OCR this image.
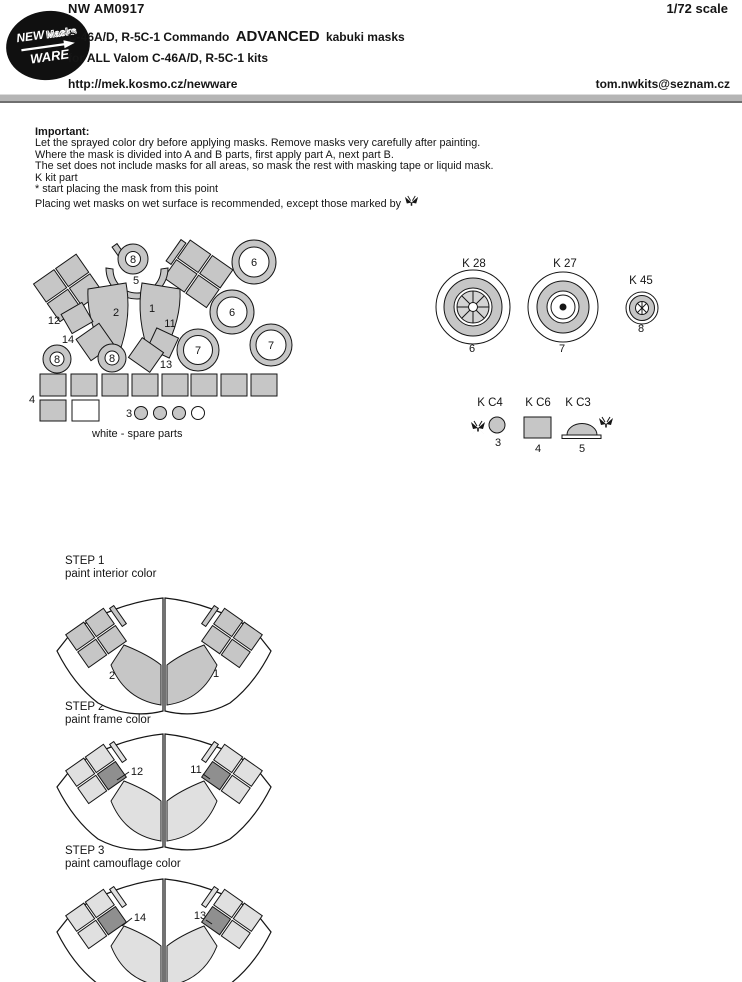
NEWMasks
WARE
NW AM0917	1/72 scale
C-46A/D, R-5C-1 Commando ADVANCED kabuki masks
for ALL Valom C-46A/D, R-5C-1 kits
http://mek.kosmo.cz/newware	tom.nwkits@seznam.cz
Important:
Let the sprayed color dry before applying masks. Remove masks very carefully after painting.
Where the mask is divided into A and B parts, first apply part A, next part B.
The set does not include masks for all areas, so mask the rest with masking tape or liquid mask.
K kit part
* start placing the mask from this point
Placing wet masks on wet surface is recommended, except those marked by
8
5
2	1
12
14
11
13
8	8
6
6
7	7
4
3
white - spare parts
K 28
6
K 27
7
K 45
8
K C4
3
K C6
4
K C3
5
STEP 1
paint interior color
STEP 2
paint frame color
STEP 3
paint camouflage color
2	1
12	11
14	13
